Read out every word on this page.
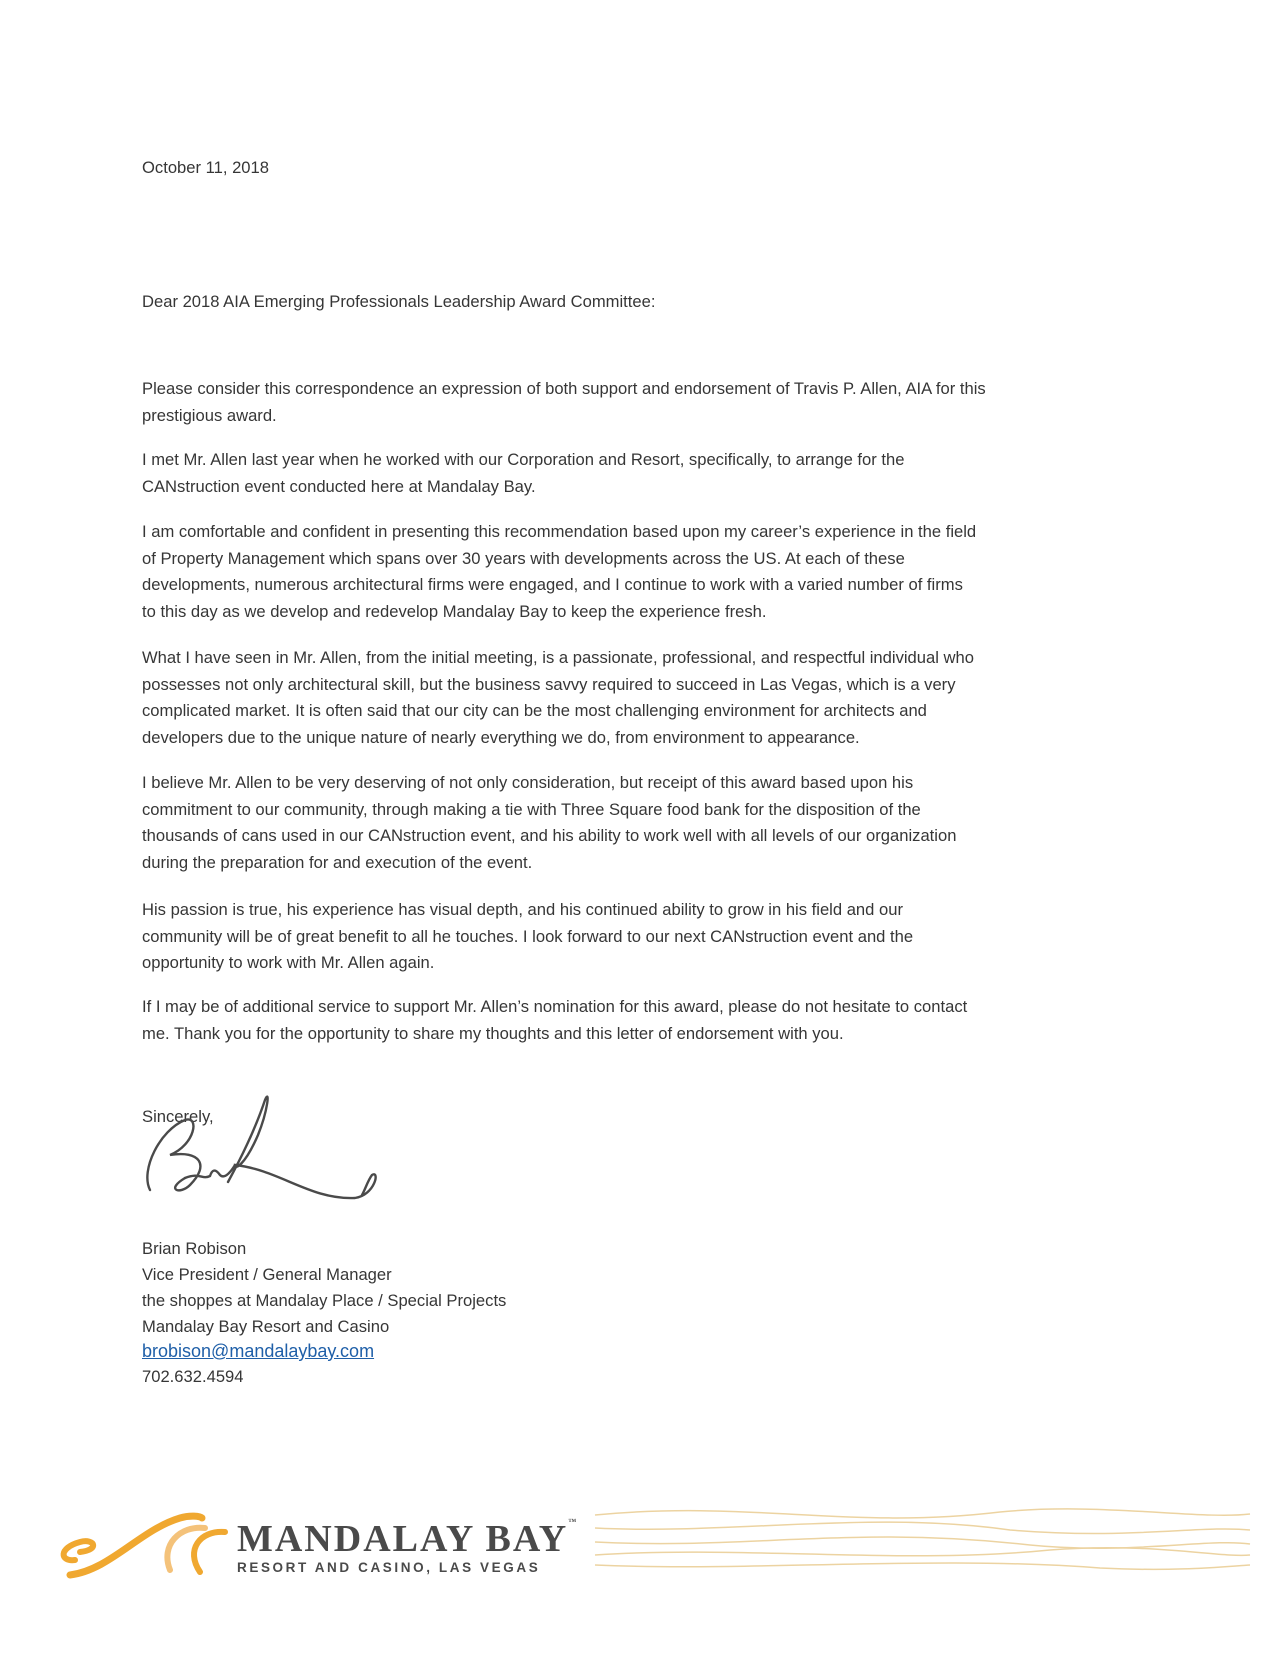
October 11, 2018
Dear 2018 AIA Emerging Professionals Leadership Award Committee:
Please consider this correspondence an expression of both support and endorsement of Travis P. Allen, AIA for this
prestigious award.
I met Mr. Allen last year when he worked with our Corporation and Resort, specifically, to arrange for the
CANstruction event conducted here at Mandalay Bay.
I am comfortable and confident in presenting this recommendation based upon my career’s experience in the field
of Property Management which spans over 30 years with developments across the US. At each of these
developments, numerous architectural firms were engaged, and I continue to work with a varied number of firms
to this day as we develop and redevelop Mandalay Bay to keep the experience fresh.
What I have seen in Mr. Allen, from the initial meeting, is a passionate, professional, and respectful individual who
possesses not only architectural skill, but the business savvy required to succeed in Las Vegas, which is a very
complicated market. It is often said that our city can be the most challenging environment for architects and
developers due to the unique nature of nearly everything we do, from environment to appearance.
I believe Mr. Allen to be very deserving of not only consideration, but receipt of this award based upon his
commitment to our community, through making a tie with Three Square food bank for the disposition of the
thousands of cans used in our CANstruction event, and his ability to work well with all levels of our organization
during the preparation for and execution of the event.
His passion is true, his experience has visual depth, and his continued ability to grow in his field and our
community will be of great benefit to all he touches. I look forward to our next CANstruction event and the
opportunity to work with Mr. Allen again.
If I may be of additional service to support Mr. Allen’s nomination for this award, please do not hesitate to contact
me. Thank you for the opportunity to share my thoughts and this letter of endorsement with you.
Sincerely,
Brian Robison
Vice President / General Manager
the shoppes at Mandalay Place / Special Projects
Mandalay Bay Resort and Casino
brobison@mandalaybay.com
702.632.4594
MANDALAY BAY™
RESORT AND CASINO, LAS VEGAS
